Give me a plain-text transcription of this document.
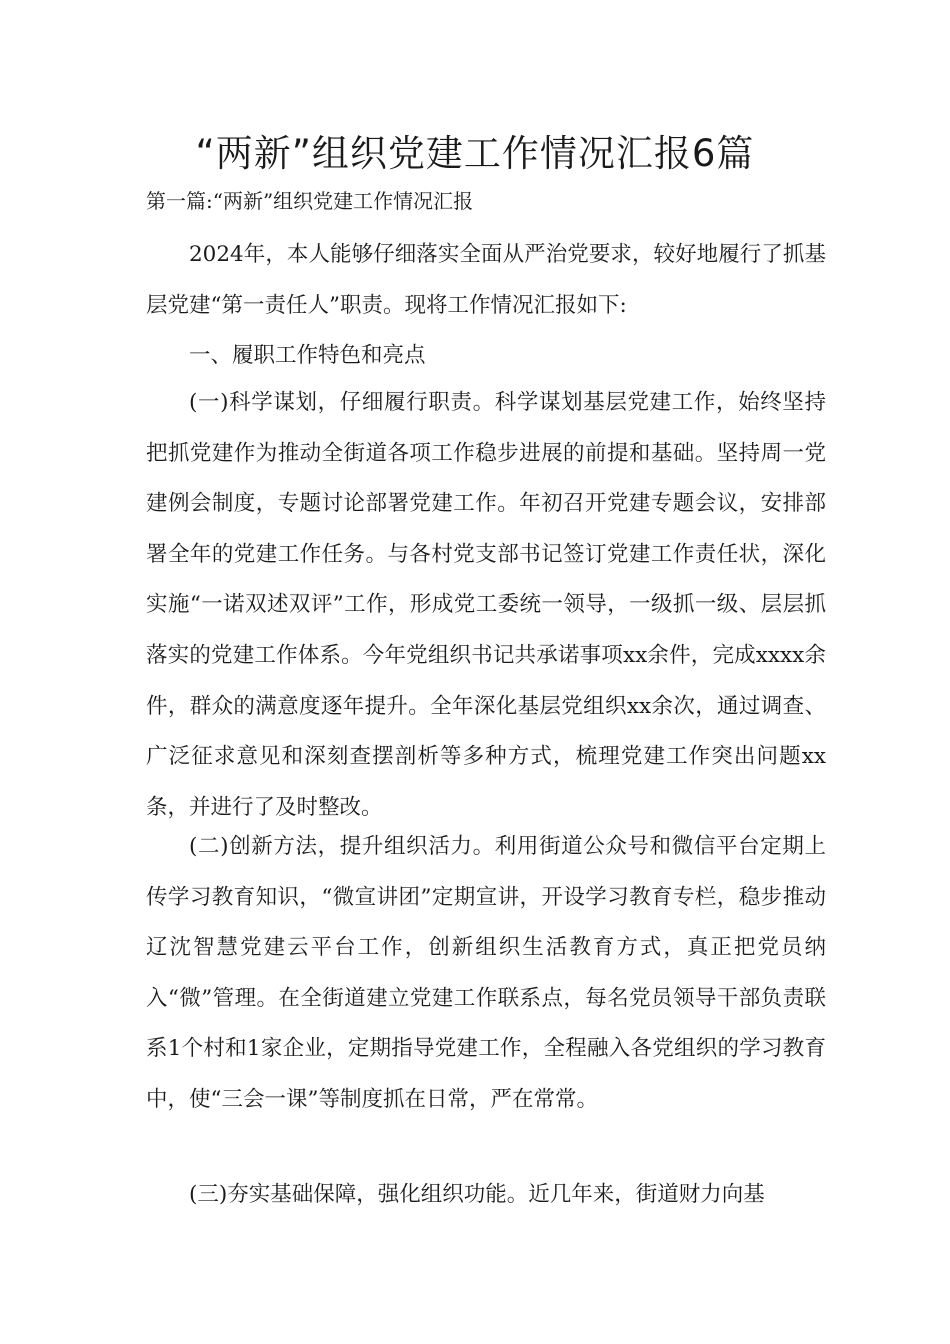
“两新”组织党建工作情况汇报6篇

第一篇:“两新”组织党建工作情况汇报

2024年，本人能够仔细落实全面从严治党要求，较好地履行了抓基层党建“第一责任人”职责。现将工作情况汇报如下:

一、履职工作特色和亮点

(一)科学谋划，仔细履行职责。科学谋划基层党建工作，始终坚持把抓党建作为推动全街道各项工作稳步进展的前提和基础。坚持周一党建例会制度，专题讨论部署党建工作。年初召开党建专题会议，安排部署全年的党建工作任务。与各村党支部书记签订党建工作责任状，深化实施“一诺双述双评”工作，形成党工委统一领导，一级抓一级、层层抓落实的党建工作体系。今年党组织书记共承诺事项xx余件，完成xxxx余件，群众的满意度逐年提升。全年深化基层党组织xx余次，通过调查、广泛征求意见和深刻查摆剖析等多种方式，梳理党建工作突出问题xx条，并进行了及时整改。

(二)创新方法，提升组织活力。利用街道公众号和微信平台定期上传学习教育知识，“微宣讲团”定期宣讲，开设学习教育专栏，稳步推动辽沈智慧党建云平台工作，创新组织生活教育方式，真正把党员纳入“微”管理。在全街道建立党建工作联系点，每名党员领导干部负责联系1个村和1家企业，定期指导党建工作，全程融入各党组织的学习教育中，使“三会一课”等制度抓在日常，严在常常。

(三)夯实基础保障，强化组织功能。近几年来，街道财力向基
